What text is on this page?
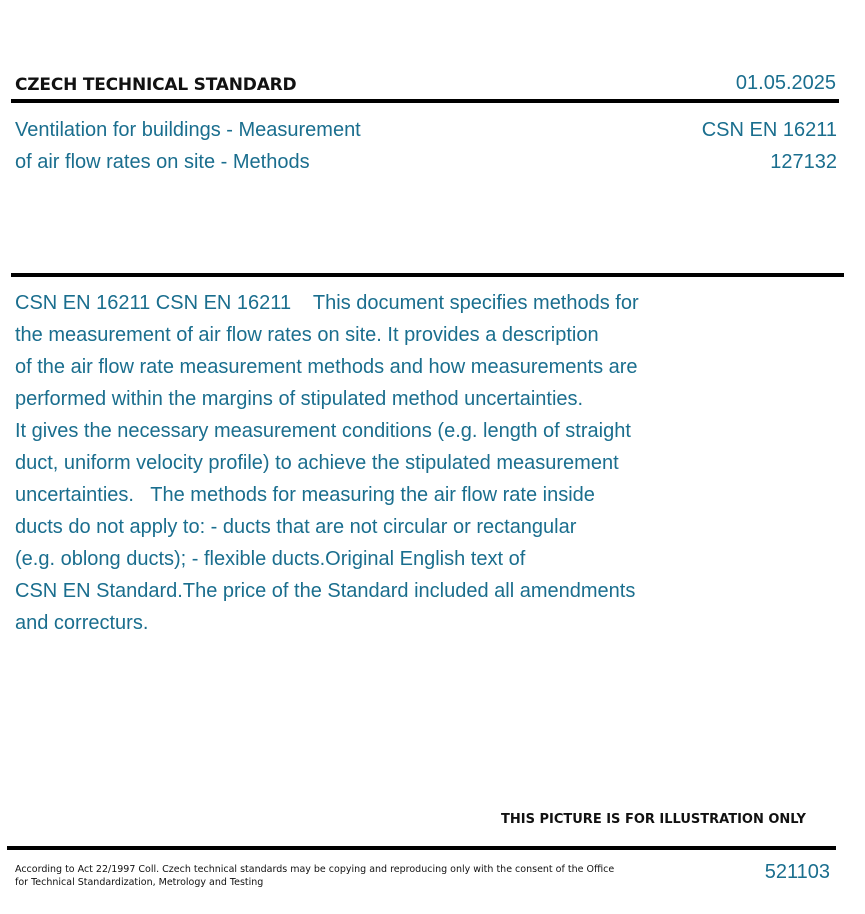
CZECH TECHNICAL STANDARD	01.05.2025
Ventilation for buildings - Measurement
of air flow rates on site - Methods
CSN EN 16211
127132
CSN EN 16211 CSN EN 16211    This document specifies methods for
the measurement of air flow rates on site. It provides a description
of the air flow rate measurement methods and how measurements are
performed within the margins of stipulated method uncertainties.
It gives the necessary measurement conditions (e.g. length of straight
duct, uniform velocity profile) to achieve the stipulated measurement
uncertainties.   The methods for measuring the air flow rate inside
ducts do not apply to: - ducts that are not circular or rectangular
(e.g. oblong ducts); - flexible ducts.Original English text of
CSN EN Standard.The price of the Standard included all amendments
and correcturs.
THIS PICTURE IS FOR ILLUSTRATION ONLY
According to Act 22/1997 Coll. Czech technical standards may be copying and reproducing only with the consent of the Office
for Technical Standardization, Metrology and Testing	521103
